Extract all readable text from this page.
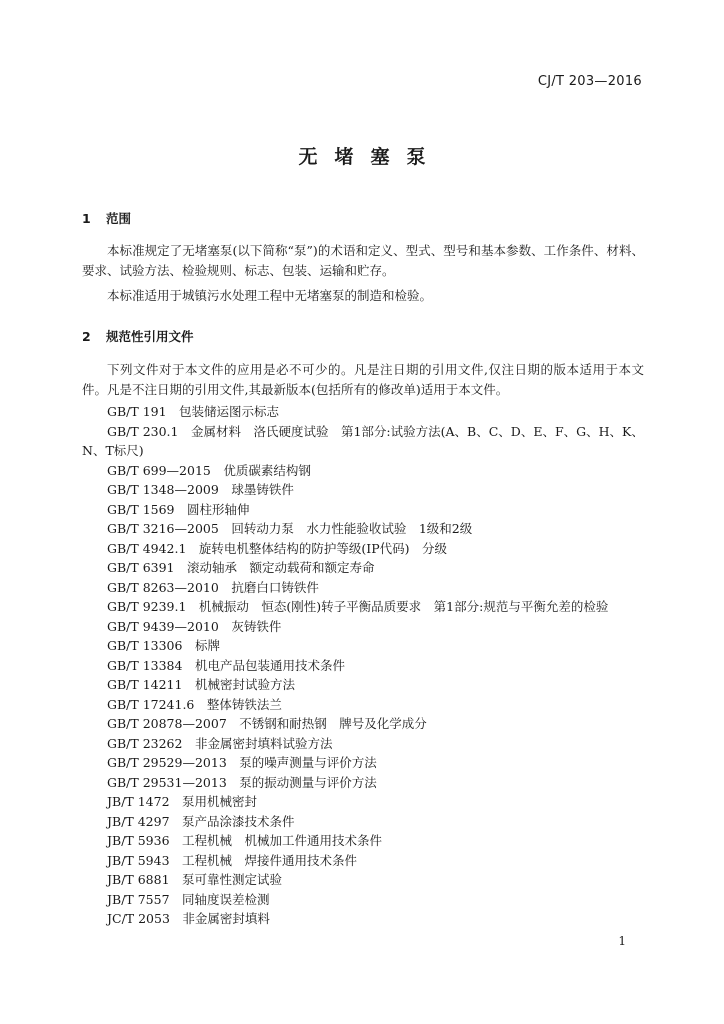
CJ/T 203—2016
无堵塞泵
1 范围
本标准规定了无堵塞泵(以下简称“泵”)的术语和定义、型式、型号和基本参数、工作条件、材料、要求、试验方法、检验规则、标志、包装、运输和贮存。
本标准适用于城镇污水处理工程中无堵塞泵的制造和检验。
2 规范性引用文件
下列文件对于本文件的应用是必不可少的。凡是注日期的引用文件,仅注日期的版本适用于本文件。凡是不注日期的引用文件,其最新版本(包括所有的修改单)适用于本文件。
GB/T 191　包装储运图示标志
GB/T 230.1　金属材料　洛氏硬度试验　第1部分:试验方法(A、B、C、D、E、F、G、H、K、N、T标尺)
GB/T 699—2015　优质碳素结构钢
GB/T 1348—2009　球墨铸铁件
GB/T 1569　圆柱形轴伸
GB/T 3216—2005　回转动力泵　水力性能验收试验　1级和2级
GB/T 4942.1　旋转电机整体结构的防护等级(IP代码)　分级
GB/T 6391　滚动轴承　额定动载荷和额定寿命
GB/T 8263—2010　抗磨白口铸铁件
GB/T 9239.1　机械振动　恒态(刚性)转子平衡品质要求　第1部分:规范与平衡允差的检验
GB/T 9439—2010　灰铸铁件
GB/T 13306　标牌
GB/T 13384　机电产品包装通用技术条件
GB/T 14211　机械密封试验方法
GB/T 17241.6　整体铸铁法兰
GB/T 20878—2007　不锈钢和耐热钢　牌号及化学成分
GB/T 23262　非金属密封填料试验方法
GB/T 29529—2013　泵的噪声测量与评价方法
GB/T 29531—2013　泵的振动测量与评价方法
JB/T 1472　泵用机械密封
JB/T 4297　泵产品涂漆技术条件
JB/T 5936　工程机械　机械加工件通用技术条件
JB/T 5943　工程机械　焊接件通用技术条件
JB/T 6881　泵可靠性测定试验
JB/T 7557　同轴度误差检测
JC/T 2053　非金属密封填料
1
